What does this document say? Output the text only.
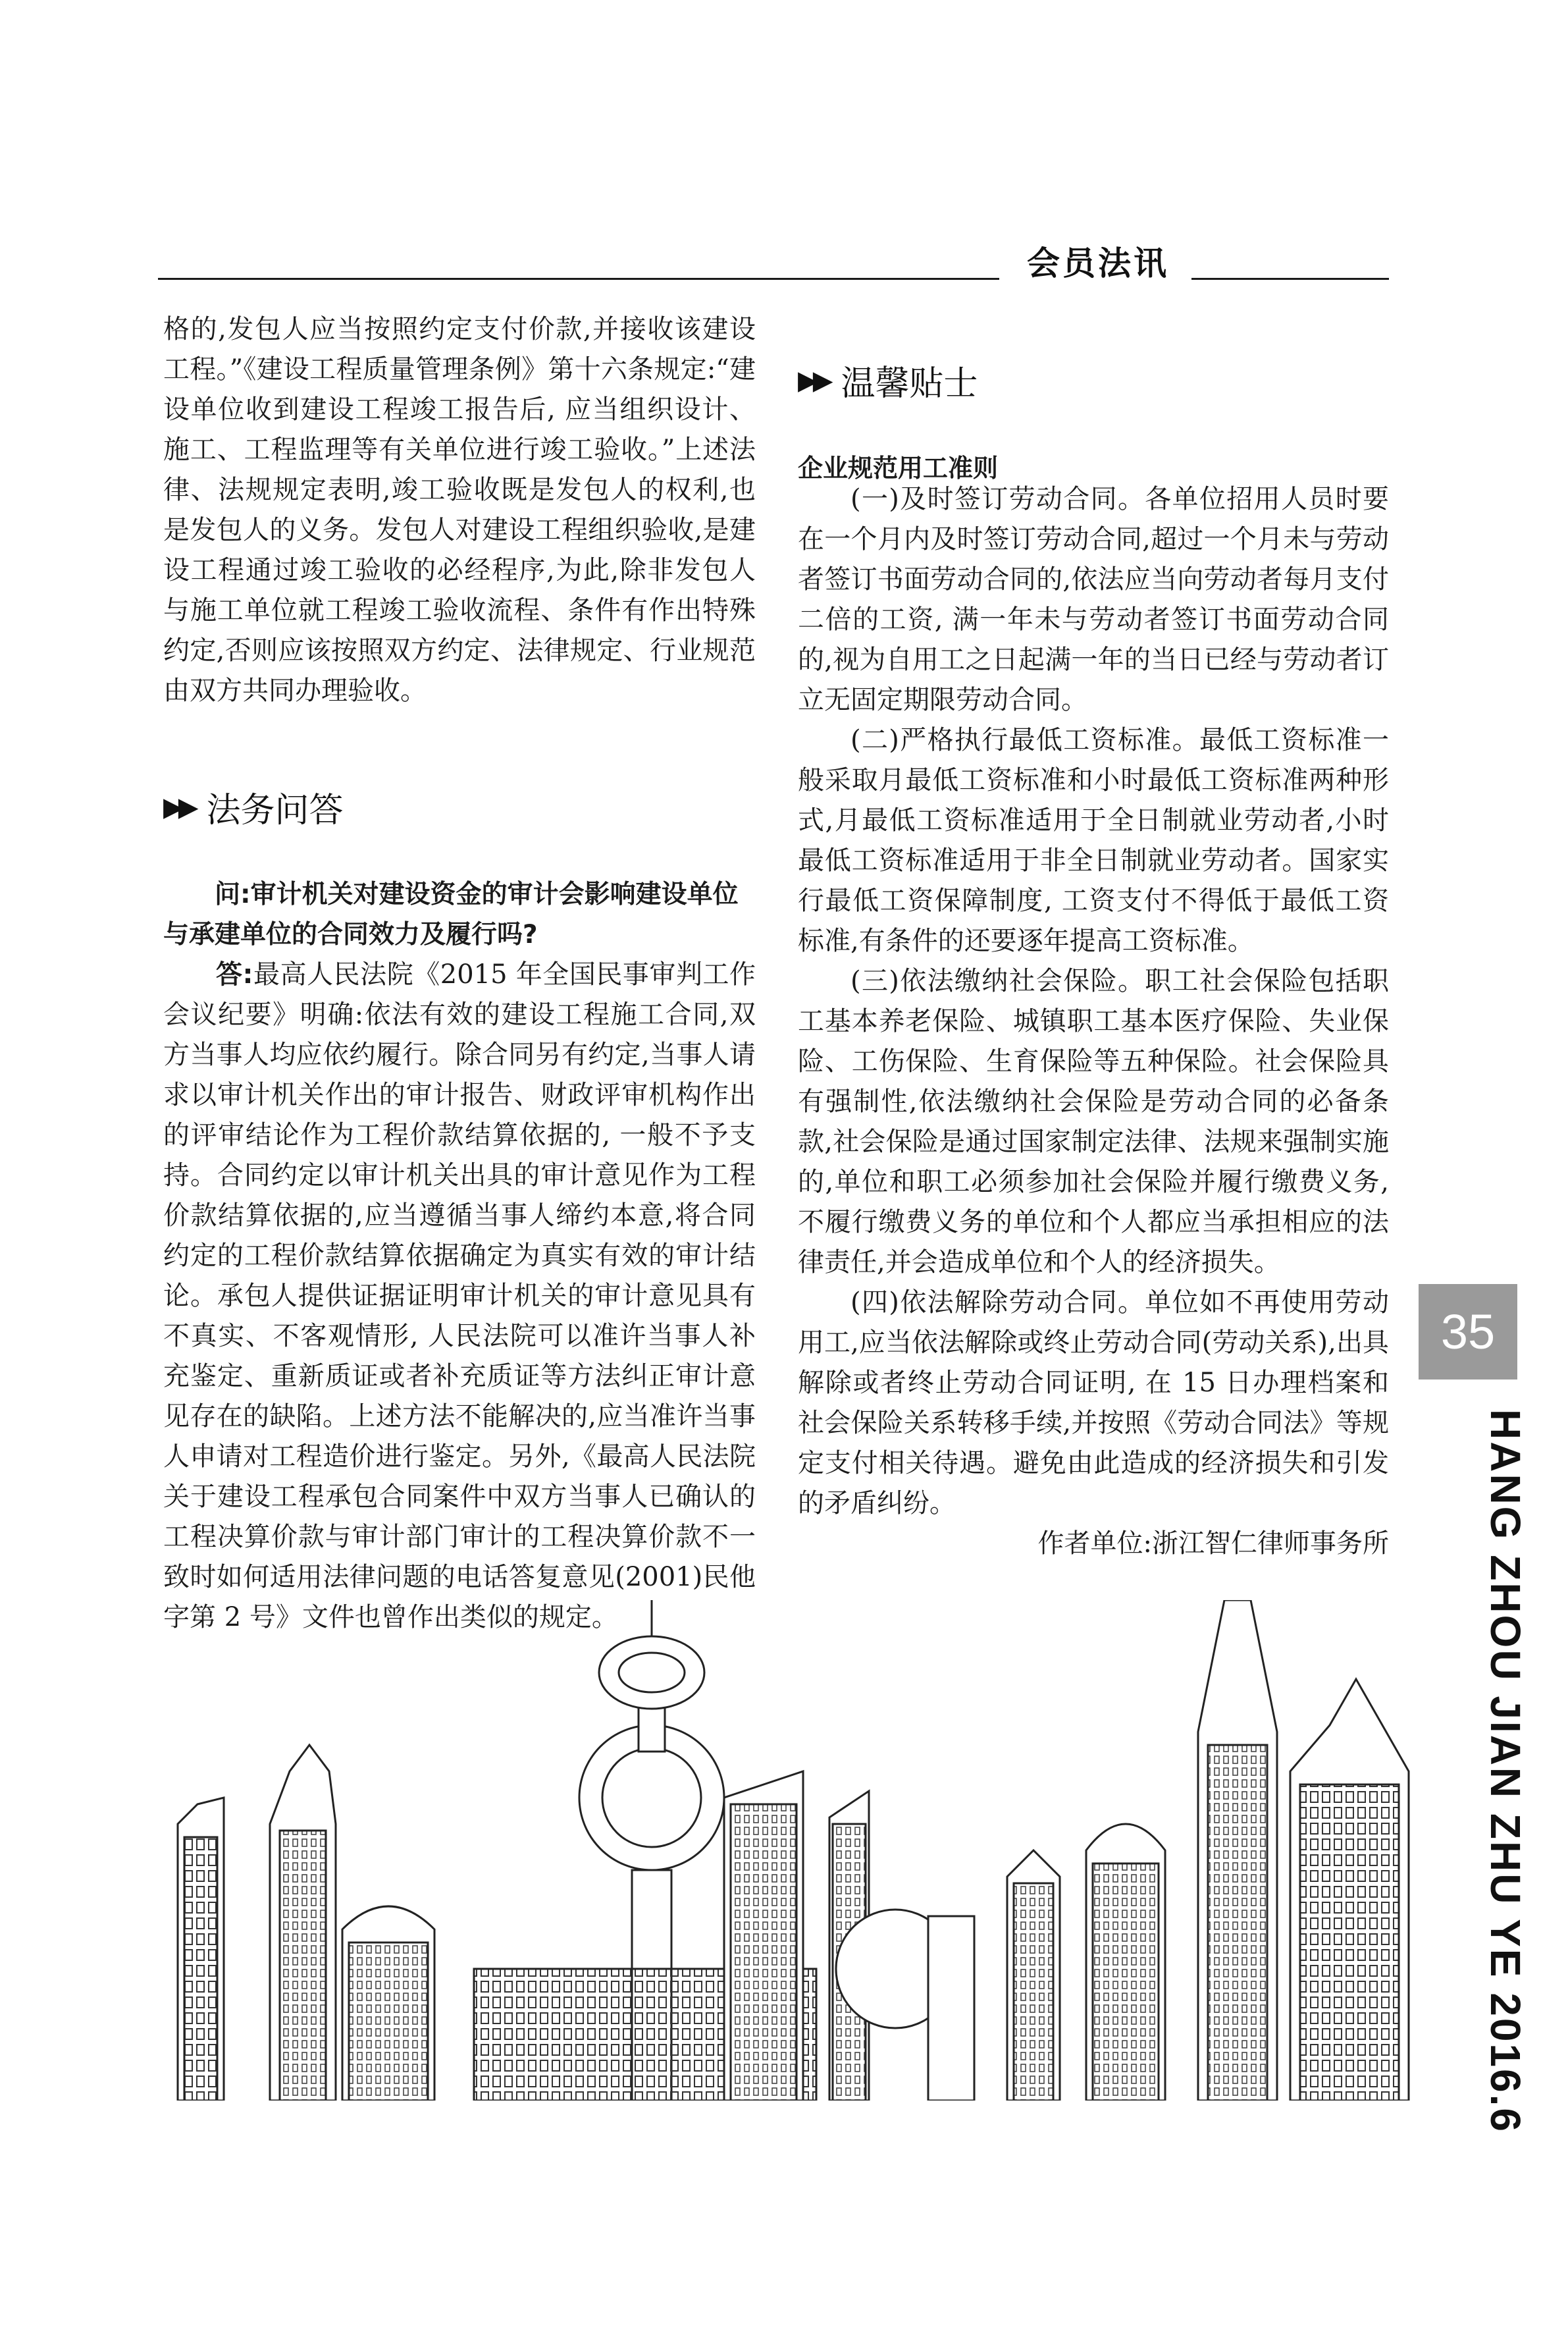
会员法讯

格的,发包人应当按照约定支付价款,并接收该建设工程。”《建设工程质量管理条例》第十六条规定:“建设单位收到建设工程竣工报告后, 应当组织设计、施工、工程监理等有关单位进行竣工验收。”上述法律、法规规定表明,竣工验收既是发包人的权利,也是发包人的义务。发包人对建设工程组织验收,是建设工程通过竣工验收的必经程序,为此,除非发包人与施工单位就工程竣工验收流程、条件有作出特殊约定,否则应该按照双方约定、法律规定、行业规范由双方共同办理验收。

▶▶ 法务问答
问:审计机关对建设资金的审计会影响建设单位与承建单位的合同效力及履行吗?
答:最高人民法院《2015 年全国民事审判工作会议纪要》明确:依法有效的建设工程施工合同,双方当事人均应依约履行。除合同另有约定,当事人请求以审计机关作出的审计报告、财政评审机构作出的评审结论作为工程价款结算依据的, 一般不予支持。合同约定以审计机关出具的审计意见作为工程价款结算依据的,应当遵循当事人缔约本意,将合同约定的工程价款结算依据确定为真实有效的审计结论。承包人提供证据证明审计机关的审计意见具有不真实、不客观情形, 人民法院可以准许当事人补充鉴定、重新质证或者补充质证等方法纠正审计意见存在的缺陷。上述方法不能解决的,应当准许当事人申请对工程造价进行鉴定。另外,《最高人民法院关于建设工程承包合同案件中双方当事人已确认的工程决算价款与审计部门审计的工程决算价款不一致时如何适用法律问题的电话答复意见(2001)民他字第 2 号》文件也曾作出类似的规定。
▶▶ 温馨贴士
企业规范用工准则

(一)及时签订劳动合同。各单位招用人员时要在一个月内及时签订劳动合同,超过一个月未与劳动者签订书面劳动合同的,依法应当向劳动者每月支付二倍的工资, 满一年未与劳动者签订书面劳动合同的,视为自用工之日起满一年的当日已经与劳动者订立无固定期限劳动合同。

(二)严格执行最低工资标准。最低工资标准一般采取月最低工资标准和小时最低工资标准两种形式,月最低工资标准适用于全日制就业劳动者,小时最低工资标准适用于非全日制就业劳动者。国家实行最低工资保障制度, 工资支付不得低于最低工资标准,有条件的还要逐年提高工资标准。

(三)依法缴纳社会保险。职工社会保险包括职工基本养老保险、城镇职工基本医疗保险、失业保险、工伤保险、生育保险等五种保险。社会保险具有强制性,依法缴纳社会保险是劳动合同的必备条款,社会保险是通过国家制定法律、法规来强制实施的,单位和职工必须参加社会保险并履行缴费义务,不履行缴费义务的单位和个人都应当承担相应的法律责任,并会造成单位和个人的经济损失。

(四)依法解除劳动合同。单位如不再使用劳动用工,应当依法解除或终止劳动合同(劳动关系),出具解除或者终止劳动合同证明, 在 15 日办理档案和社会保险关系转移手续,并按照《劳动合同法》等规定支付相关待遇。避免由此造成的经济损失和引发的矛盾纠纷。

作者单位:浙江智仁律师事务所

35
HANG ZHOU JIAN ZHU YE 2016.6
